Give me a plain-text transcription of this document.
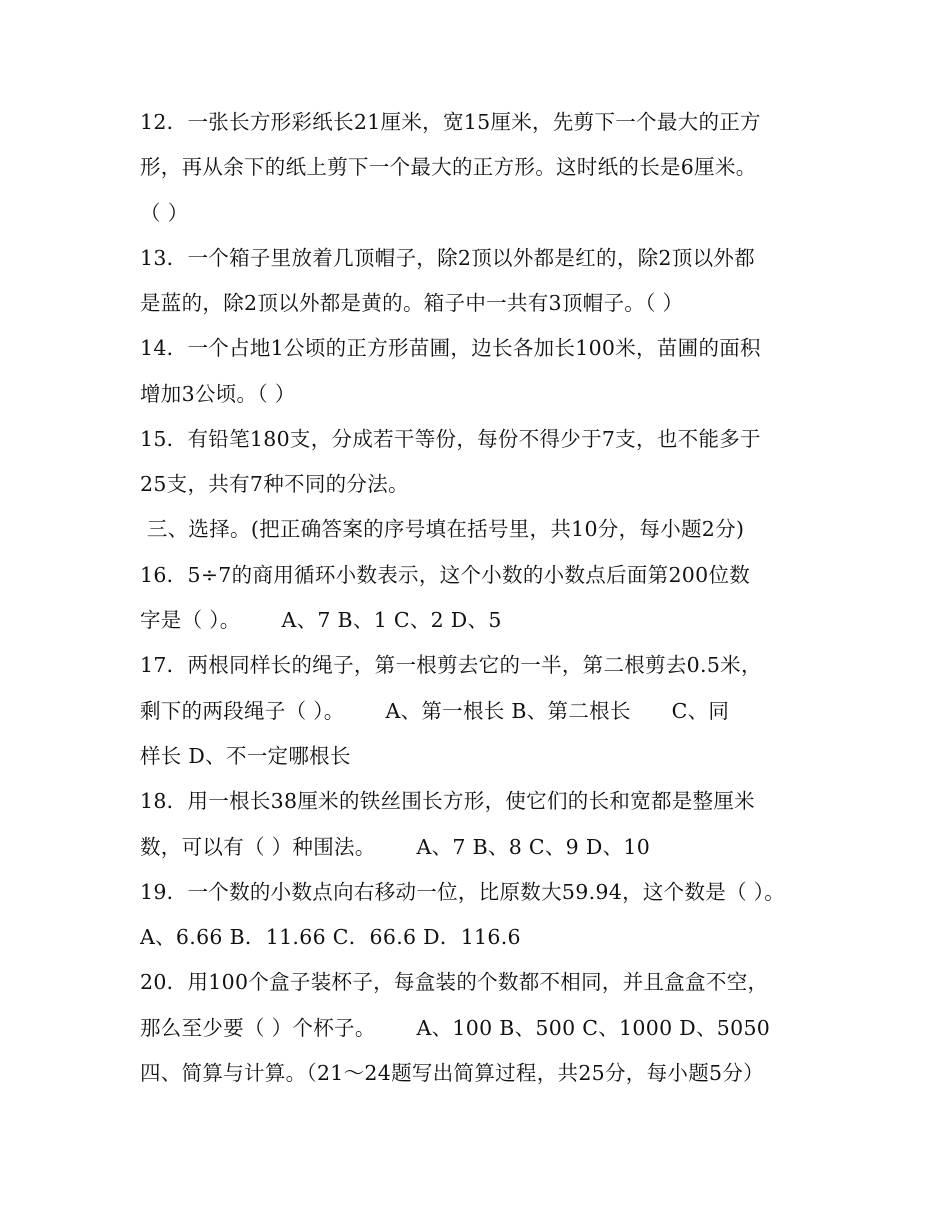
12．一张长方形彩纸长21厘米，宽15厘米，先剪下一个最大的正方
形，再从余下的纸上剪下一个最大的正方形。这时纸的长是6厘米。
（ ）
13．一个箱子里放着几顶帽子，除2顶以外都是红的，除2顶以外都
是蓝的，除2顶以外都是黄的。箱子中一共有3顶帽子。（ ）
14．一个占地1公顷的正方形苗圃，边长各加长100米，苗圃的面积
增加3公顷。（ ）
15．有铅笔180支，分成若干等份，每份不得少于7支，也不能多于
25支，共有7种不同的分法。
三、选择。(把正确答案的序号填在括号里，共10分，每小题2分)
16．5÷7的商用循环小数表示，这个小数的小数点后面第200位数
字是（ ）。      A、7 B、1 C、2 D、5
17．两根同样长的绳子，第一根剪去它的一半，第二根剪去0.5米，
剩下的两段绳子（ ）。      A、第一根长 B、第二根长      C、同
样长 D、不一定哪根长
18．用一根长38厘米的铁丝围长方形，使它们的长和宽都是整厘米
数，可以有（ ）种围法。      A、7 B、8 C、9 D、10
19．一个数的小数点向右移动一位，比原数大59.94，这个数是（ ）。
A、6.66 B．11.66 C．66.6 D．116.6
20．用100个盒子装杯子，每盒装的个数都不相同，并且盒盒不空，
那么至少要（ ）个杯子。      A、100 B、500 C、1000 D、5050
四、简算与计算。（21～24题写出简算过程，共25分，每小题5分）
